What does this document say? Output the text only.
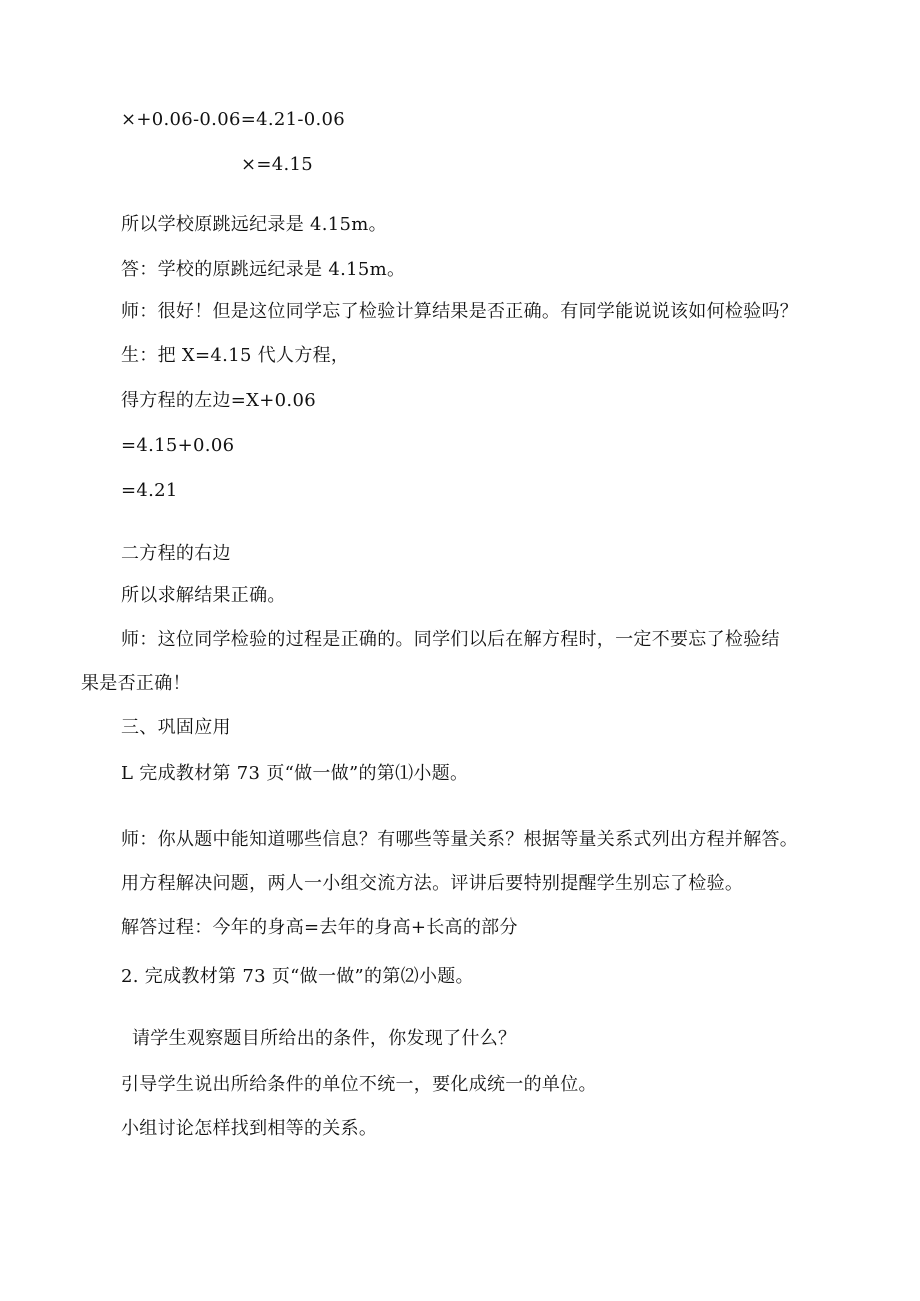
×+0.06-0.06=4.21-0.06
×=4.15
所以学校原跳远纪录是 4.15m。
答：学校的原跳远纪录是 4.15m。
师：很好！但是这位同学忘了检验计算结果是否正确。有同学能说说该如何检验吗？
生：把 X=4.15 代人方程，
得方程的左边=X+0.06
=4.15+0.06
=4.21
二方程的右边
所以求解结果正确。
师：这位同学检验的过程是正确的。同学们以后在解方程时，一定不要忘了检验结
果是否正确！
三、巩固应用
L 完成教材第 73 页“做一做”的第⑴小题。
师：你从题中能知道哪些信息？有哪些等量关系？根据等量关系式列出方程并解答。
用方程解决问题，两人一小组交流方法。评讲后要特别提醒学生别忘了检验。
解答过程：今年的身高=去年的身高+长高的部分
2. 完成教材第 73 页“做一做”的第⑵小题。
请学生观察题目所给出的条件，你发现了什么？
引导学生说出所给条件的单位不统一，要化成统一的单位。
小组讨论怎样找到相等的关系。
